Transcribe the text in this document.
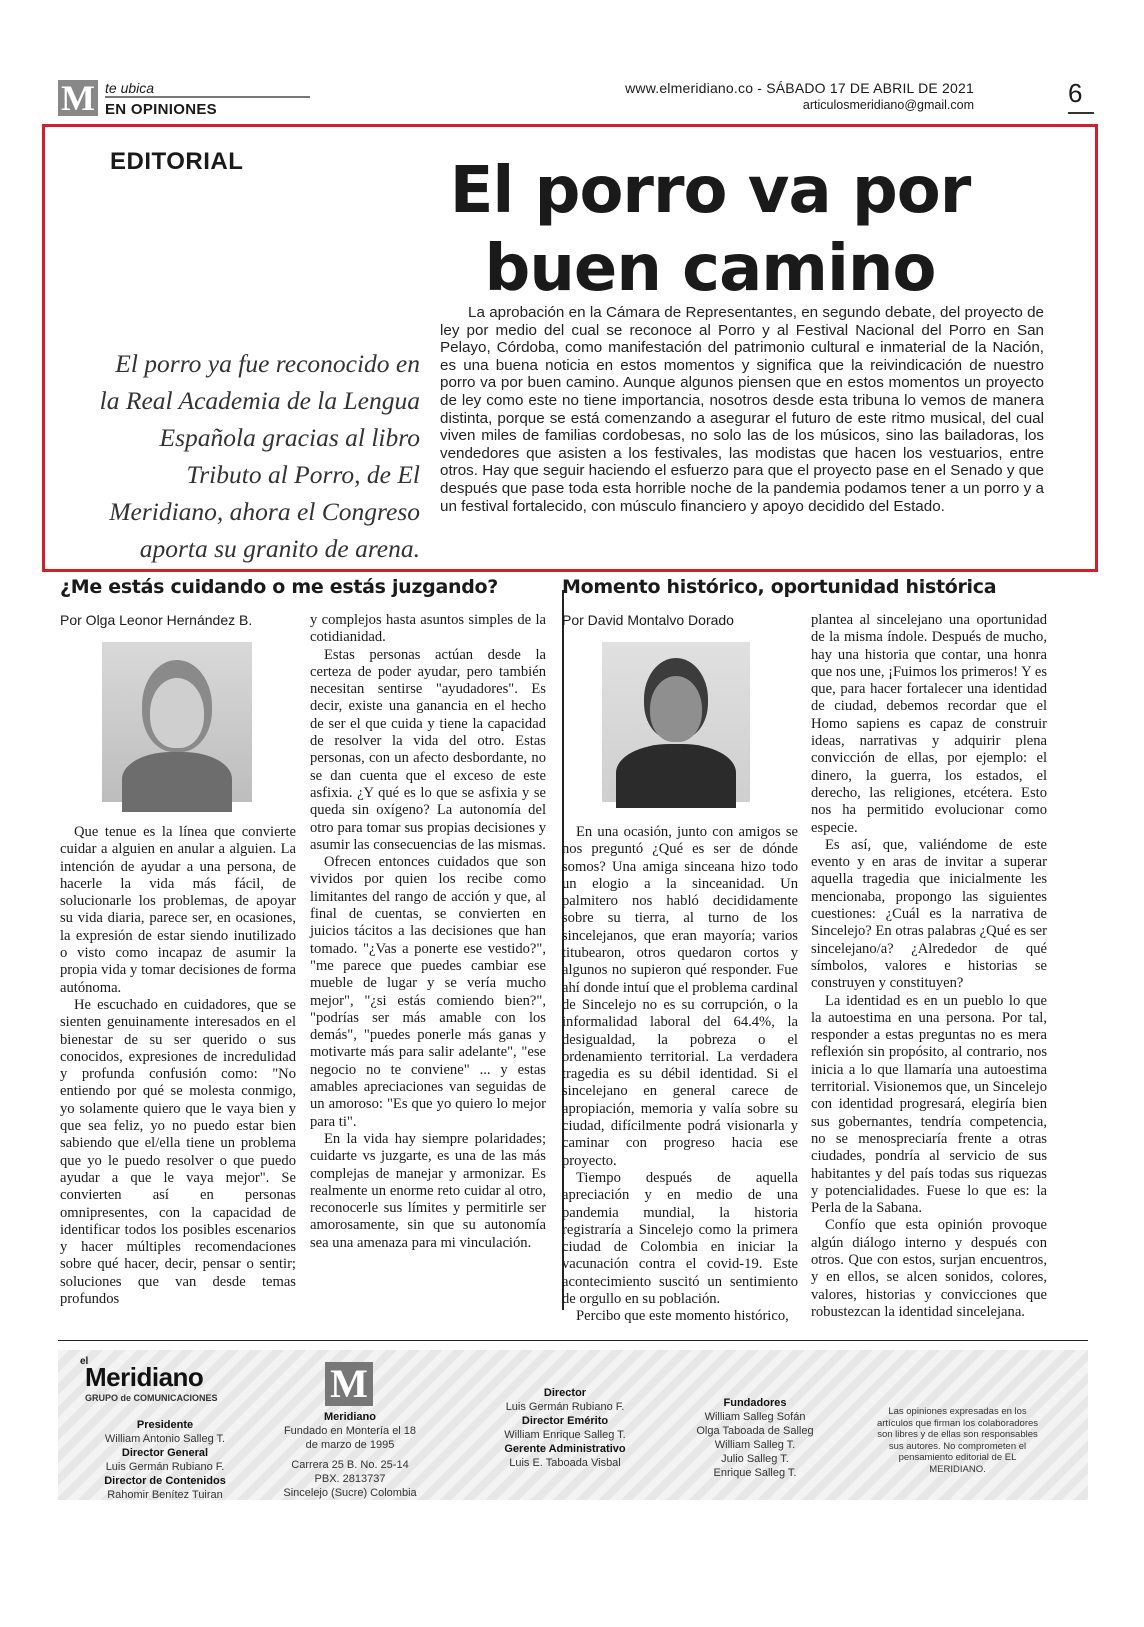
M te ubica
EN OPINIONES
www.elmeridiano.co - SÁBADO 17 DE ABRIL DE 2021
articulosmeridiano@gmail.com	6
EDITORIAL	El porro va por buen camino
El porro ya fue reconocido en la Real Academia de la Lengua Española gracias al libro Tributo al Porro, de El Meridiano, ahora el Congreso aporta su granito de arena.
La aprobación en la Cámara de Representantes, en segundo debate, del proyecto de ley por medio del cual se reconoce al Porro y al Festival Nacional del Porro en San Pelayo, Córdoba, como manifestación del patrimonio cultural e inmaterial de la Nación, es una buena noticia en estos momentos y significa que la reivindicación de nuestro porro va por buen camino. Aunque algunos piensen que en estos momentos un proyecto de ley como este no tiene importancia, nosotros desde esta tribuna lo vemos de manera distinta, porque se está comenzando a asegurar el futuro de este ritmo musical, del cual viven miles de familias cordobesas, no solo las de los músicos, sino las bailadoras, los vendedores que asisten a los festivales, las modistas que hacen los vestuarios, entre otros. Hay que seguir haciendo el esfuerzo para que el proyecto pase en el Senado y que después que pase toda esta horrible noche de la pandemia podamos tener a un porro y a un festival fortalecido, con músculo financiero y apoyo decidido del Estado.
¿Me estás cuidando o me estás juzgando?
Por Olga Leonor Hernández B.

Que tenue es la línea que convierte cuidar a alguien en anular a alguien. La intención de ayudar a una persona, de hacerle la vida más fácil, de solucionarle los problemas, de apoyar su vida diaria, parece ser, en ocasiones, la expresión de estar siendo inutilizado o visto como incapaz de asumir la propia vida y tomar decisiones de forma autónoma.

He escuchado en cuidadores, que se sienten genuinamente interesados en el bienestar de su ser querido o sus conocidos, expresiones de incredulidad y profunda confusión como: "No entiendo por qué se molesta conmigo, yo solamente quiero que le vaya bien y que sea feliz, yo no puedo estar bien sabiendo que el/ella tiene un problema que yo le puedo resolver o que puedo ayudar a que le vaya mejor". Se convierten así en personas omnipresentes, con la capacidad de identificar todos los posibles escenarios y hacer múltiples recomendaciones sobre qué hacer, decir, pensar o sentir; soluciones que van desde temas profundos

y complejos hasta asuntos simples de la cotidianidad.

Estas personas actúan desde la certeza de poder ayudar, pero también necesitan sentirse "ayudadores". Es decir, existe una ganancia en el hecho de ser el que cuida y tiene la capacidad de resolver la vida del otro. Estas personas, con un afecto desbordante, no se dan cuenta que el exceso de este asfixia. ¿Y qué es lo que se asfixia y se queda sin oxígeno? La autonomía del otro para tomar sus propias decisiones y asumir las consecuencias de las mismas.

Ofrecen entonces cuidados que son vividos por quien los recibe como limitantes del rango de acción y que, al final de cuentas, se convierten en juicios tácitos a las decisiones que han tomado. "¿Vas a ponerte ese vestido?", "me parece que puedes cambiar ese mueble de lugar y se vería mucho mejor", "¿si estás comiendo bien?", "podrías ser más amable con los demás", "puedes ponerle más ganas y motivarte más para salir adelante", "ese negocio no te conviene" ... y estas amables apreciaciones van seguidas de un amoroso: "Es que yo quiero lo mejor para ti".

En la vida hay siempre polaridades; cuidarte vs juzgarte, es una de las más complejas de manejar y armonizar. Es realmente un enorme reto cuidar al otro, reconocerle sus límites y permitirle ser amorosamente, sin que su autonomía sea una amenaza para mi vinculación.

Momento histórico, oportunidad histórica
Por David Montalvo Dorado

En una ocasión, junto con amigos se nos preguntó ¿Qué es ser de dónde somos? Una amiga sinceana hizo todo un elogio a la sinceanidad. Un palmitero nos habló decididamente sobre su tierra, al turno de los sincelejanos, que eran mayoría; varios titubearon, otros quedaron cortos y algunos no supieron qué responder. Fue ahí donde intuí que el problema cardinal de Sincelejo no es su corrupción, o la informalidad laboral del 64.4%, la desigualdad, la pobreza o el ordenamiento territorial. La verdadera tragedia es su débil identidad. Si el sincelejano en general carece de apropiación, memoria y valía sobre su ciudad, difícilmente podrá visionarla y caminar con progreso hacia ese proyecto.

Tiempo después de aquella apreciación y en medio de una pandemia mundial, la historia registraría a Sincelejo como la primera ciudad de Colombia en iniciar la vacunación contra el covid-19. Este acontecimiento suscitó un sentimiento de orgullo en su población.

Percibo que este momento histórico,

plantea al sincelejano una oportunidad de la misma índole. Después de mucho, hay una historia que contar, una honra que nos une, ¡Fuimos los primeros! Y es que, para hacer fortalecer una identidad de ciudad, debemos recordar que el Homo sapiens es capaz de construir ideas, narrativas y adquirir plena convicción de ellas, por ejemplo: el dinero, la guerra, los estados, el derecho, las religiones, etcétera. Esto nos ha permitido evolucionar como especie.

Es así, que, valiéndome de este evento y en aras de invitar a superar aquella tragedia que inicialmente les mencionaba, propongo las siguientes cuestiones: ¿Cuál es la narrativa de Sincelejo? En otras palabras ¿Qué es ser sincelejano/a? ¿Alrededor de qué símbolos, valores e historias se construyen y constituyen?

La identidad es en un pueblo lo que la autoestima en una persona. Por tal, responder a estas preguntas no es mera reflexión sin propósito, al contrario, nos inicia a lo que llamaría una autoestima territorial. Visionemos que, un Sincelejo con identidad progresará, elegiría bien sus gobernantes, tendría competencia, no se menospreciaría frente a otras ciudades, pondría al servicio de sus habitantes y del país todas sus riquezas y potencialidades. Fuese lo que es: la Perla de la Sabana.

Confío que esta opinión provoque algún diálogo interno y después con otros. Que con estos, surjan encuentros, y en ellos, se alcen sonidos, colores, valores, historias y convicciones que robustezcan la identidad sincelejana.

el
Meridiano
GRUPO de COMUNICACIONES
Presidente
William Antonio Salleg T.
Director General
Luis Germán Rubiano F.
Director de Contenidos
Rahomir Benítez Tuiran
M
Meridiano
Fundado en Montería el 18 de marzo de 1995

Carrera 25 B. No. 25-14
PBX. 2813737
Sincelejo (Sucre) Colombia
Director
Luis Germán Rubiano F.
Director Emérito
William Enrique Salleg T.
Gerente Administrativo
Luis E. Taboada Visbal
Fundadores
William Salleg Sofán
Olga Taboada de Salleg
William Salleg T.
Julio Salleg T.
Enrique Salleg T.
Las opiniones expresadas en los artículos que firman los colaboradores son libres y de ellas son responsables sus autores. No comprometen el pensamiento editorial de EL MERIDIANO.
